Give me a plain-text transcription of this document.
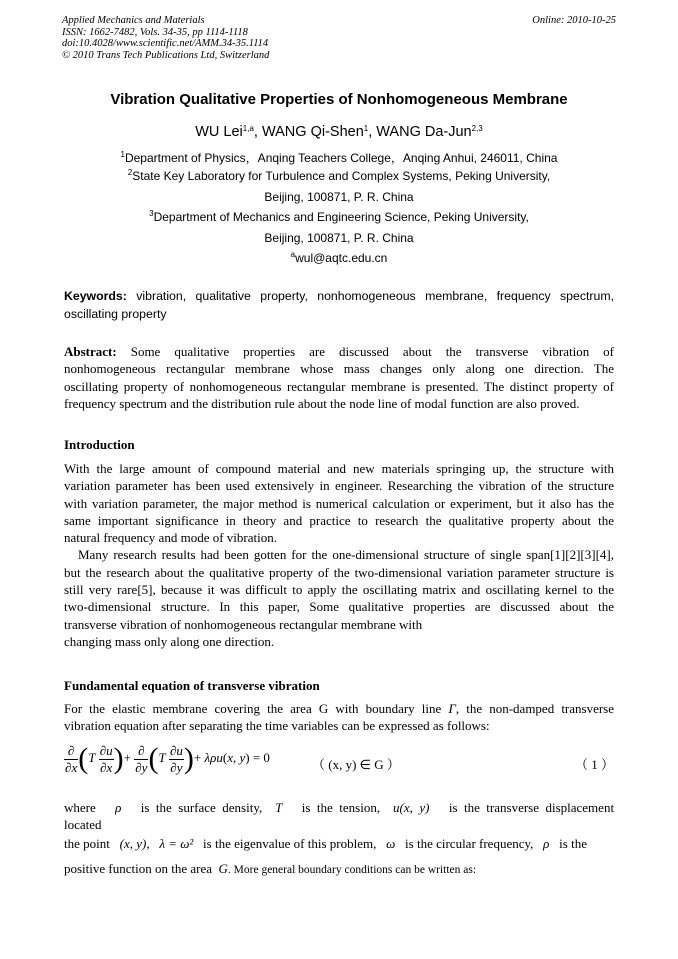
Applied Mechanics and Materials
ISSN: 1662-7482, Vols. 34-35, pp 1114-1118
doi:10.4028/www.scientific.net/AMM.34-35.1114
© 2010 Trans Tech Publications Ltd, Switzerland
Online: 2010-10-25
Vibration Qualitative Properties of Nonhomogeneous Membrane
WU Lei$^{1,a}$, WANG Qi-Shen$^1$, WANG Da-Jun$^{2,3}$
$^1$Department of Physics，Anqing Teachers College，Anqing Anhui, 246011, China
$^2$State Key Laboratory for Turbulence and Complex Systems, Peking University,
Beijing, 100871, P. R. China
$^3$Department of Mechanics and Engineering Science, Peking University,
Beijing, 100871, P. R. China
$^a$wul@aqtc.edu.cn
Keywords: vibration, qualitative property, nonhomogeneous membrane, frequency spectrum,
oscillating property
Abstract: Some qualitative properties are discussed about the transverse vibration of
nonhomogeneous rectangular membrane whose mass changes only along one direction. The
oscillating property of nonhomogeneous rectangular membrane is presented. The distinct property of
frequency spectrum and the distribution rule about the node line of modal function are also proved.
Introduction
With the large amount of compound material and new materials springing up, the structure with
variation parameter has been used extensively in engineer. Researching the vibration of the structure
with variation parameter, the major method is numerical calculation or experiment, but it also has the
same important significance in theory and practice to research the qualitative property about the
natural frequency and mode of vibration.
Many research results had been gotten for the one-dimensional structure of single span[1][2][3][4],
but the research about the qualitative property of the two-dimensional variation parameter structure is
still very rare[5], because it was difficult to apply the oscillating matrix and oscillating kernel to the
two-dimensional structure. In this paper, Some qualitative properties are discussed about the
transverse vibration of nonhomogeneous rectangular membrane with
changing mass only along one direction.
Fundamental equation of transverse vibration
For the elastic membrane covering the area G with boundary line Γ, the non-damped transverse
vibration equation after separating the time variables can be expressed as follows:
$\frac{\partial}{\partial x} (T \frac{\partial u}{\partial x}$ )+ $\frac{\partial}{\partial y} (T \frac{\partial u}{\partial y}$ )+ λρu(x, y) = 0	（ (x, y) ∈ G ）	（ 1 ）
where ρ is the surface density, T is the tension, u(x, y) is the transverse displacement located
the point (x, y),   λ = ω² is the eigenvalue of this problem, ω is the circular frequency, ρ is the
positive function on the area G. More general boundary conditions can be written as:
